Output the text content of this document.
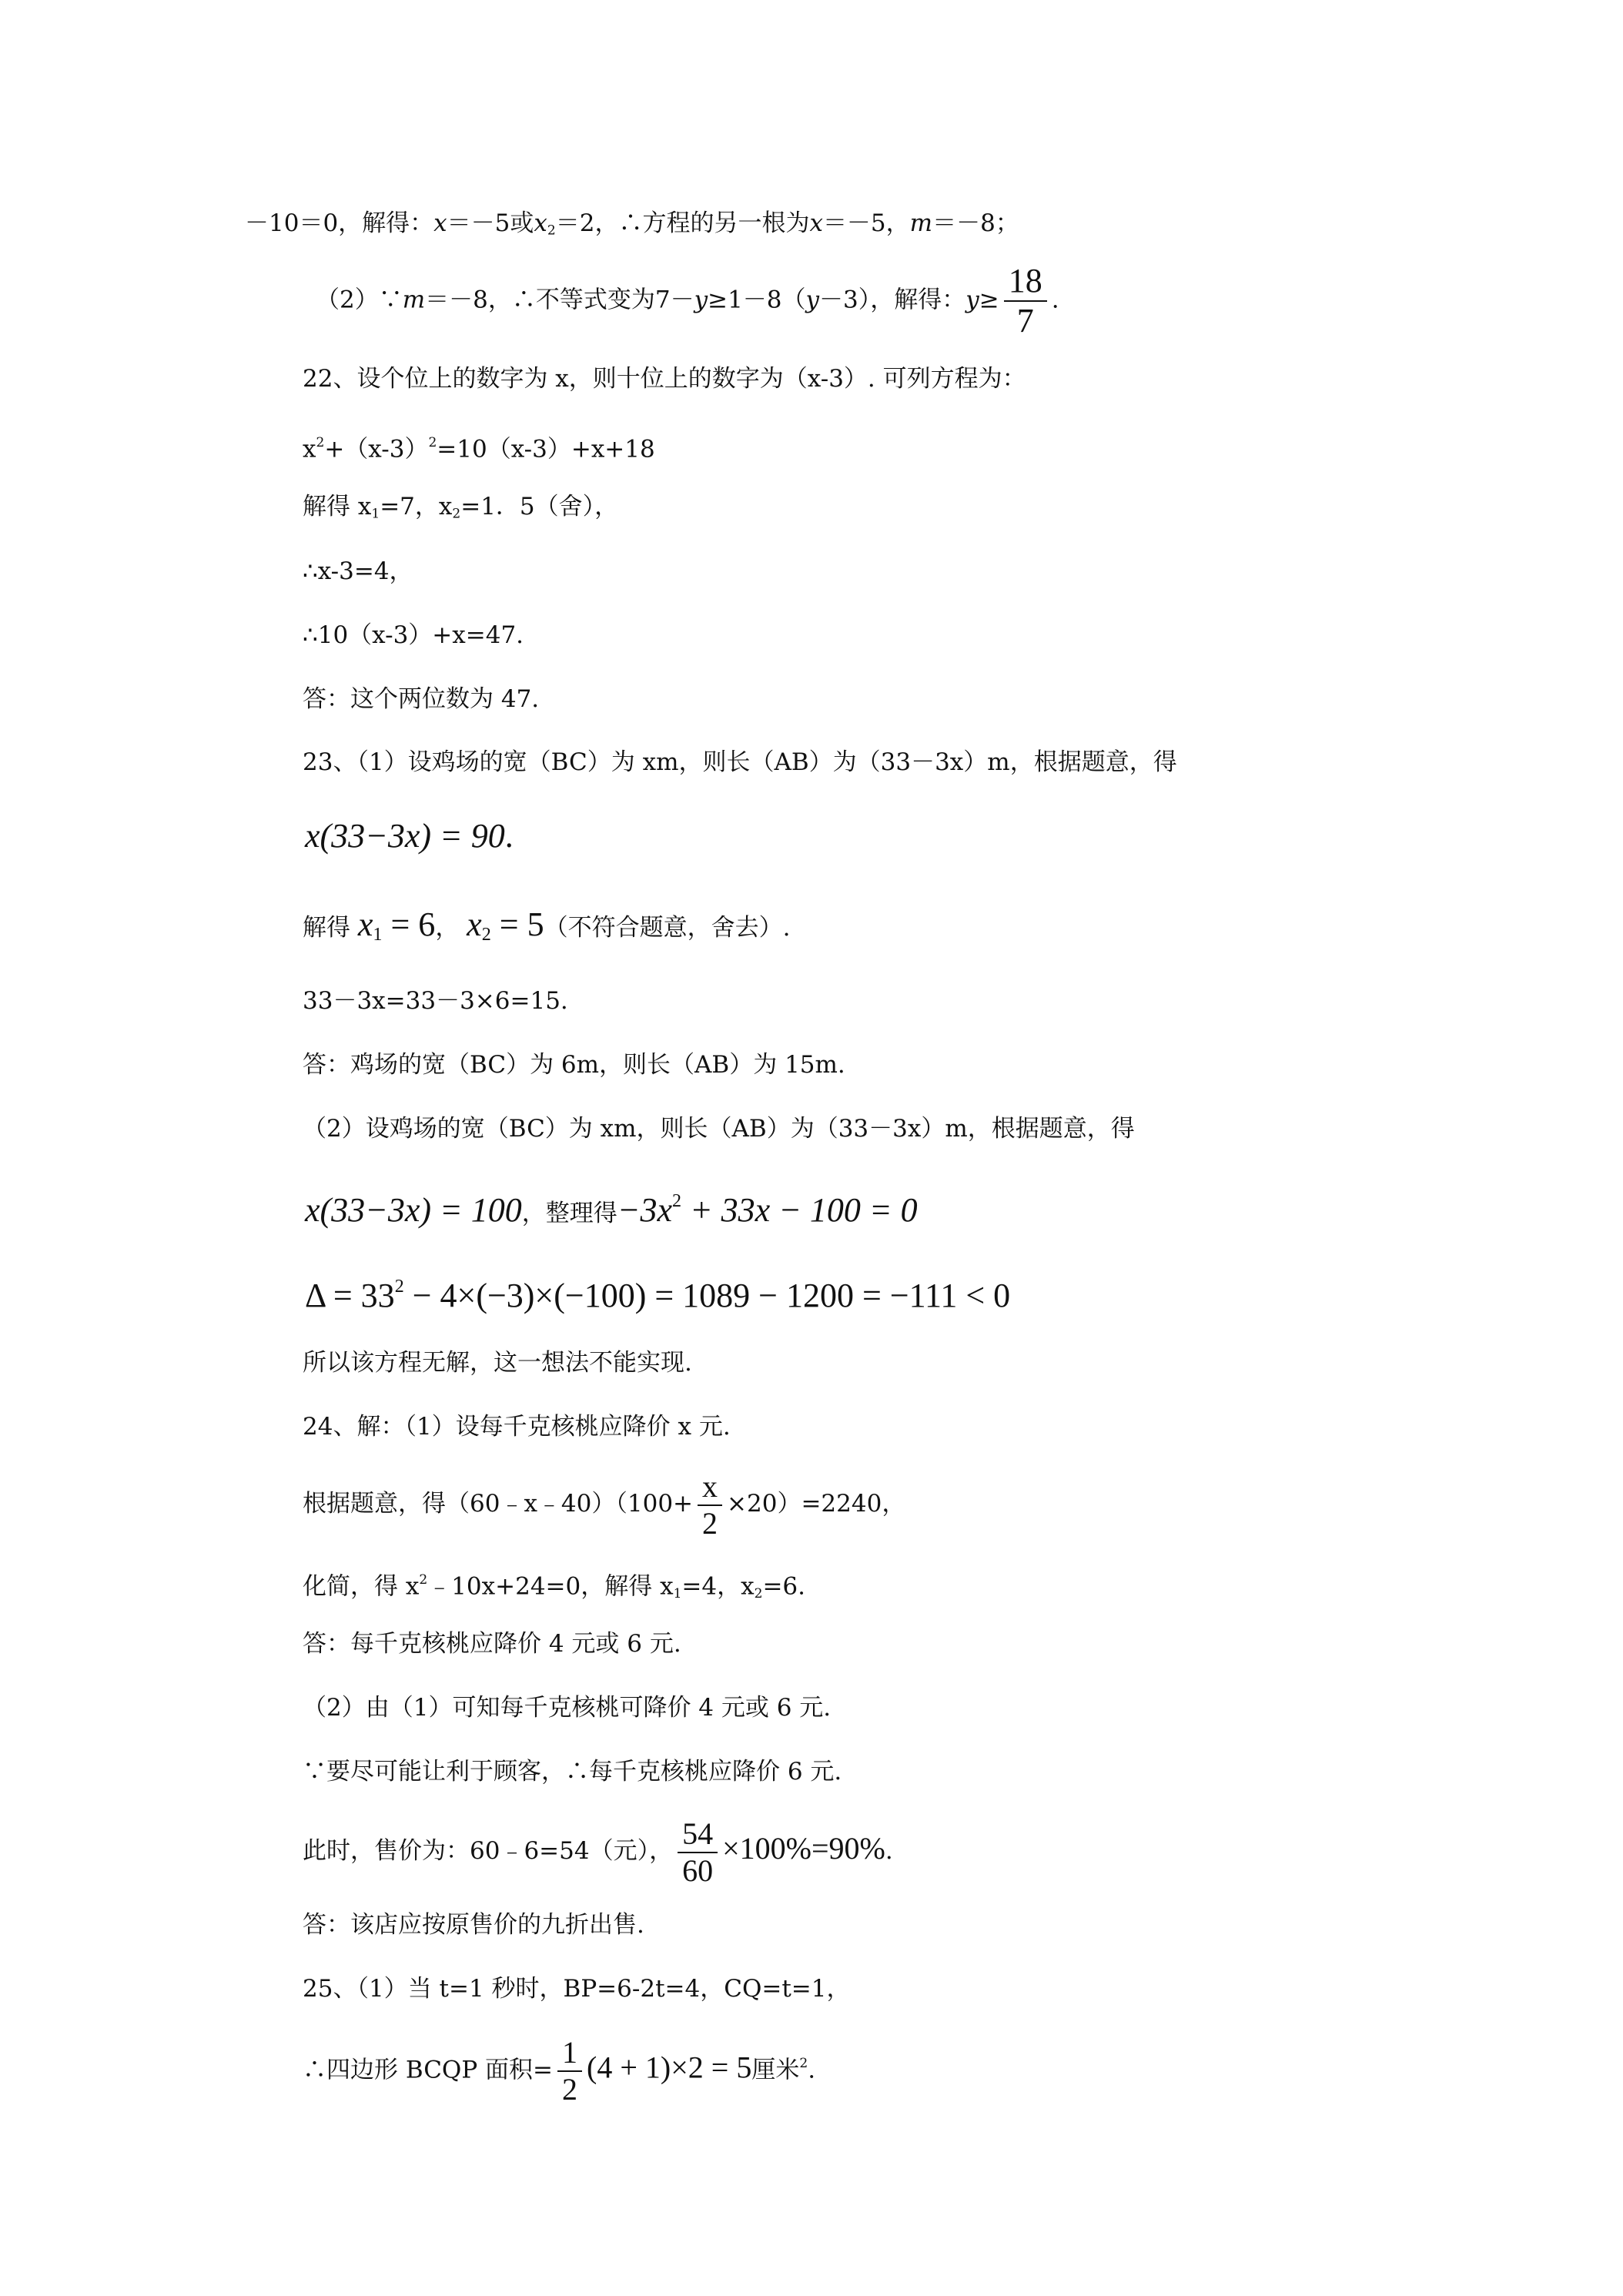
－10＝0，解得：x＝－5或$x_2=2$，∴方程的另一根为x＝－5，m＝－8；
（2）∵m＝－8，∴不等式变为7－y≥1－8（y－3），解得：$y\ge \frac{18}{7}$ .
22、设个位上的数字为 x，则十位上的数字为（x-3）. 可列方程为：
$x^2+(x-3)^2=10(x-3)+x+18$
解得 $x_1=7$，$x_2=1$．5（舍），
∴x-3=4，
∴10（x-3）+x=47.
答：这个两位数为 47.
23、（1）设鸡场的宽（BC）为 xm，则长（AB）为（33－3x）m，根据题意，得
x(33−3x) = 90.
解得 $x_1 = 6$， $x_2 = 5$（不符合题意，舍去）.
33－3x=33－3×6=15.
答：鸡场的宽（BC）为 6m，则长（AB）为 15m.
（2）设鸡场的宽（BC）为 xm，则长（AB）为（33－3x）m，根据题意，得
x(33−3x) = 100，整理得$-3x^2 + 33x - 100 = 0$
$\Delta = 33^2 - 4\times(-3)\times(-100) = 1089 - 1200 = -111 < 0$
所以该方程无解，这一想法不能实现.
24、解：（1）设每千克核桃应降价 x 元.
根据题意，得（60﹣x﹣40）（100+ $\frac{x}{2} \times 20)=2240$，
化简，得 $x^2﹣10x+24=0$，解得 $x_1=4$，$x_2=6$.
答：每千克核桃应降价 4 元或 6 元.
（2）由（1）可知每千克核桃可降价 4 元或 6 元.
∵要尽可能让利于顾客，∴每千克核桃应降价 6 元.
此时，售价为：60﹣6=54（元）， $\frac{54}{60} \times 100\%=90\%$.
答：该店应按原售价的九折出售.
25、（1）当 t=1 秒时，BP=6-2t=4，CQ=t=1，
∴四边形 BCQP 面积= $\frac{1}{2} (4 + 1)\times 2 = 5$厘米$^2$.
